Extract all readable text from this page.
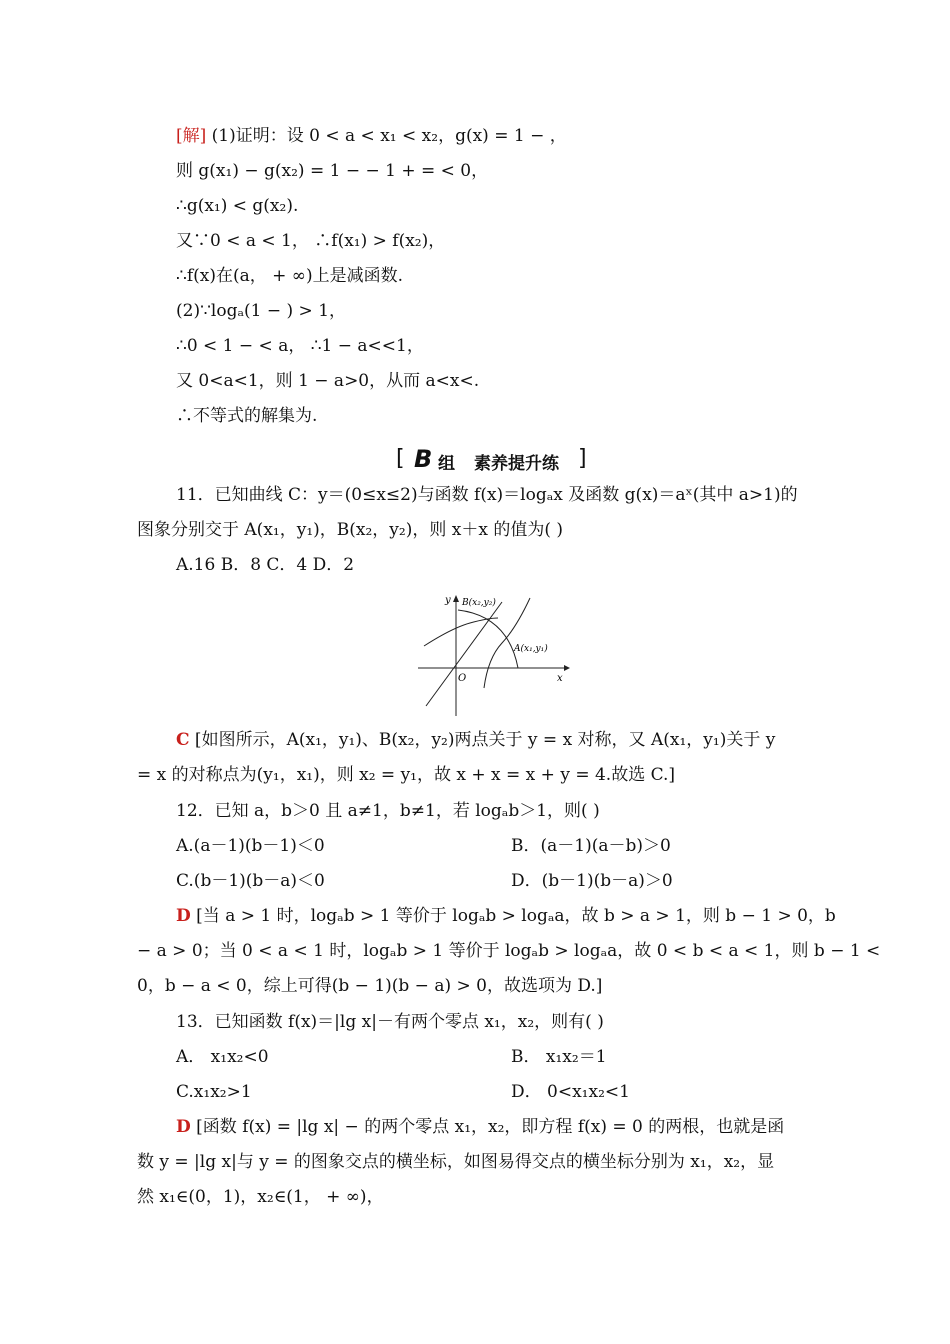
[解] (1)证明：设 0 < a < x₁ < x₂，g(x) = 1 − ，
则 g(x₁) − g(x₂) = 1 − − 1 + = < 0，
∴g(x₁) < g(x₂).
又∵0 < a < 1， ∴f(x₁) > f(x₂)，
∴f(x)在(a， + ∞)上是减函数.
(2)∵logₐ(1 − ) > 1，
∴0 < 1 − < a， ∴1 − a<<1，
又 0<a<1，则 1 − a>0，从而 a<x<.
∴不等式的解集为.
[ B 组 素养提升练 ]
11．已知曲线 C：y＝(0≤x≤2)与函数 f(x)＝logₐx 及函数 g(x)＝aˣ(其中 a>1)的
图象分别交于 A(x₁，y₁)，B(x₂，y₂)，则 x＋x 的值为( )
A.16 B．8 C．4 D．2
y
x
O
B(x₂,y₂)
A(x₁,y₁)
C [如图所示，A(x₁，y₁)、B(x₂，y₂)两点关于 y = x 对称，又 A(x₁，y₁)关于 y
= x 的对称点为(y₁，x₁)，则 x₂ = y₁，故 x + x = x + y = 4.故选 C.]
12．已知 a，b＞0 且 a≠1，b≠1，若 logₐb＞1，则( )
A.(a－1)(b－1)＜0	B．(a－1)(a－b)＞0
C.(b－1)(b－a)＜0	D．(b－1)(b－a)＞0
D [当 a > 1 时，logₐb > 1 等价于 logₐb > logₐa，故 b > a > 1，则 b − 1 > 0，b
− a > 0；当 0 < a < 1 时，logₐb > 1 等价于 logₐb > logₐa，故 0 < b < a < 1，则 b − 1 <
0，b − a < 0，综上可得(b − 1)(b − a) > 0，故选项为 D.]
13．已知函数 f(x)＝|lg x|－有两个零点 x₁，x₂，则有( )
A． x₁x₂<0	B． x₁x₂＝1
C.x₁x₂>1	D． 0<x₁x₂<1
D [函数 f(x) = |lg x| − 的两个零点 x₁，x₂，即方程 f(x) = 0 的两根，也就是函
数 y = |lg x|与 y = 的图象交点的横坐标，如图易得交点的横坐标分别为 x₁，x₂，显
然 x₁∈(0，1)，x₂∈(1， + ∞)，
